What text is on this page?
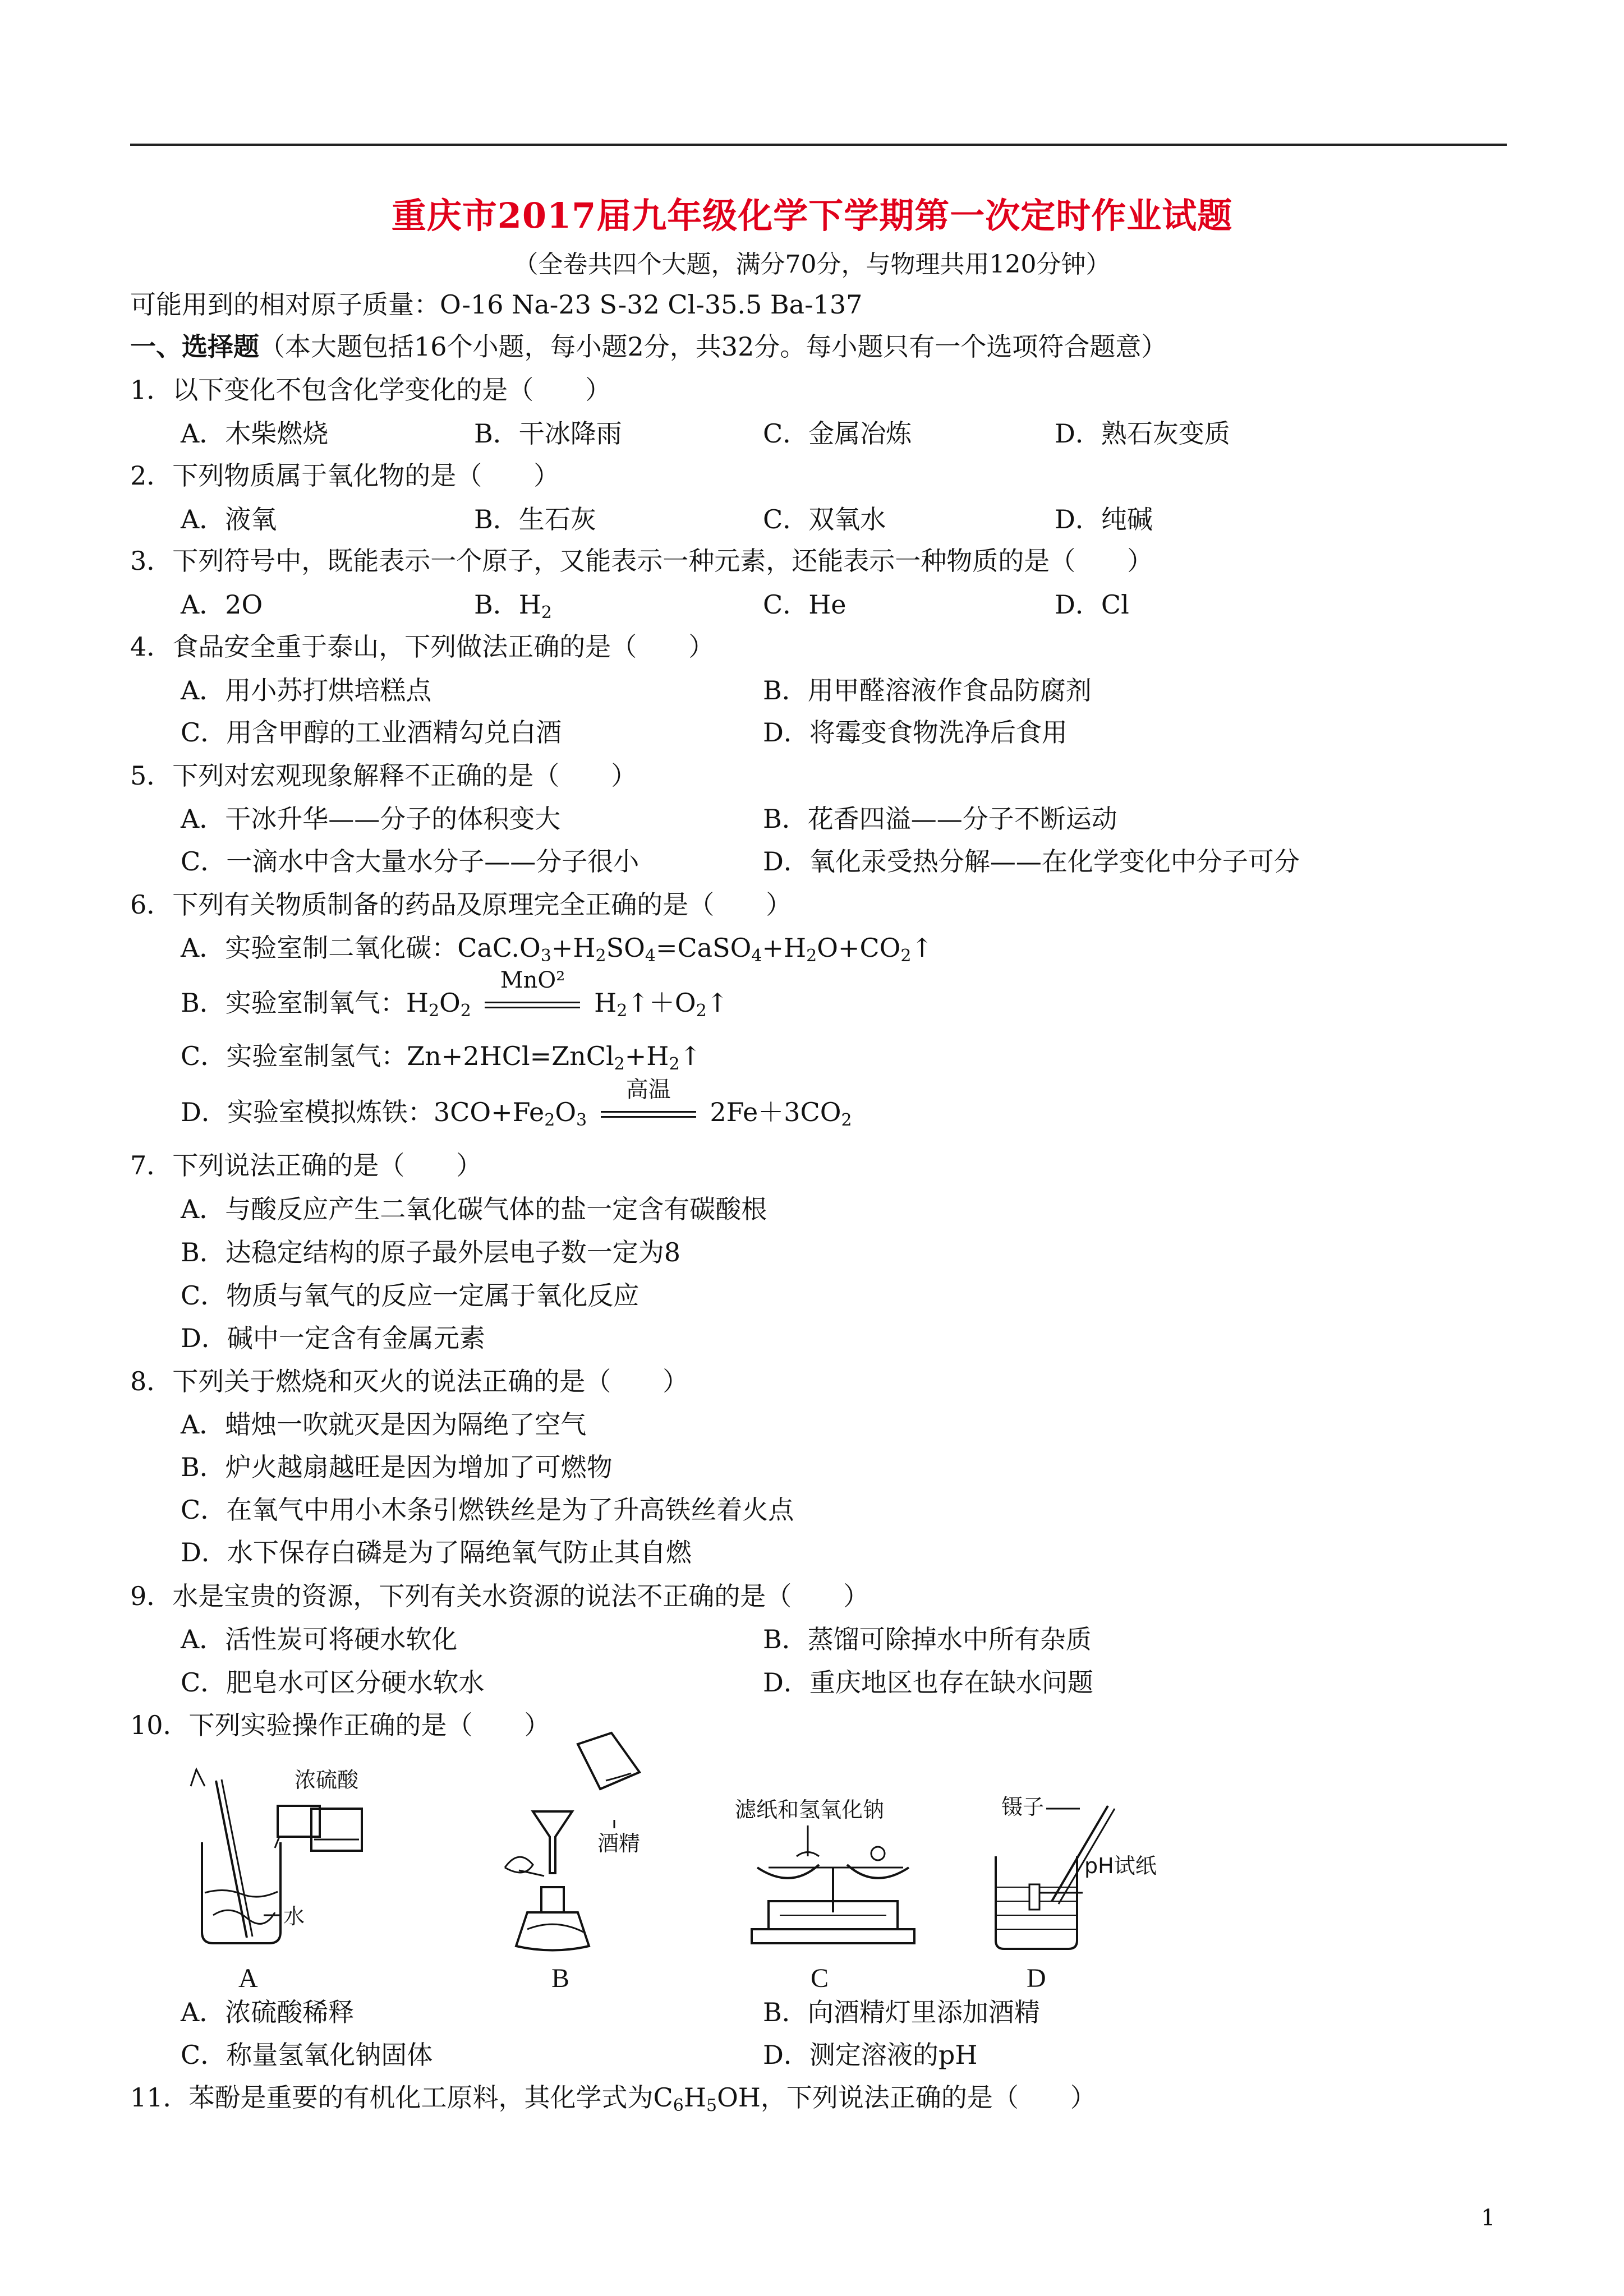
重庆市2017届九年级化学下学期第一次定时作业试题
（全卷共四个大题，满分70分，与物理共用120分钟）
可能用到的相对原子质量：O-16 Na-23 S-32 Cl-35.5 Ba-137
一、选择题（本大题包括16个小题，每小题2分，共32分。每小题只有一个选项符合题意）
1．以下变化不包含化学变化的是（　　）
A．木柴燃烧	B．干冰降雨	C．金属冶炼	D．熟石灰变质
2．下列物质属于氧化物的是（　　）
A．液氧	B．生石灰	C．双氧水	D．纯碱
3．下列符号中，既能表示一个原子，又能表示一种元素，还能表示一种物质的是（　　）
A．2O	B．$H_2$	C．He	D．Cl
4．食品安全重于泰山，下列做法正确的是（　　）
A．用小苏打烘培糕点	B．用甲醛溶液作食品防腐剂
C．用含甲醇的工业酒精勾兑白酒	D．将霉变食物洗净后食用
5．下列对宏观现象解释不正确的是（　　）
A．干冰升华——分子的体积变大	B．花香四溢——分子不断运动
C．一滴水中含大量水分子——分子很小	D．氧化汞受热分解——在化学变化中分子可分
6．下列有关物质制备的药品及原理完全正确的是（　　）
A．实验室制二氧化碳：$CaC.O_3+H_2SO_4=CaSO_4+H_2O+CO_2↑$
B．实验室制氧气：$H_2O_2$
MnO²
$H_2↑+O_2↑$
C．实验室制氢气：$Zn+2HCl=ZnCl_2+H_2↑$
D．实验室模拟炼铁：$3CO+Fe_2O_3$
高温
$2Fe+3CO_2$
7．下列说法正确的是（　　）
A．与酸反应产生二氧化碳气体的盐一定含有碳酸根
B．达稳定结构的原子最外层电子数一定为8
C．物质与氧气的反应一定属于氧化反应
D．碱中一定含有金属元素
8．下列关于燃烧和灭火的说法正确的是（　　）
A．蜡烛一吹就灭是因为隔绝了空气
B．炉火越扇越旺是因为增加了可燃物
C．在氧气中用小木条引燃铁丝是为了升高铁丝着火点
D．水下保存白磷是为了隔绝氧气防止其自燃
9．水是宝贵的资源，下列有关水资源的说法不正确的是（　　）
A．活性炭可将硬水软化	B．蒸馏可除掉水中所有杂质
C．肥皂水可区分硬水软水	D．重庆地区也存在缺水问题
10．下列实验操作正确的是（　　）
浓硫酸
水
A
酒精
B
滤纸和氢氧化钠
C
镊子
pH试纸
D
A．浓硫酸稀释	B．向酒精灯里添加酒精
C．称量氢氧化钠固体	D．测定溶液的pH
11．苯酚是重要的有机化工原料，其化学式为$C_6H_5OH$，下列说法正确的是（　　）
1
